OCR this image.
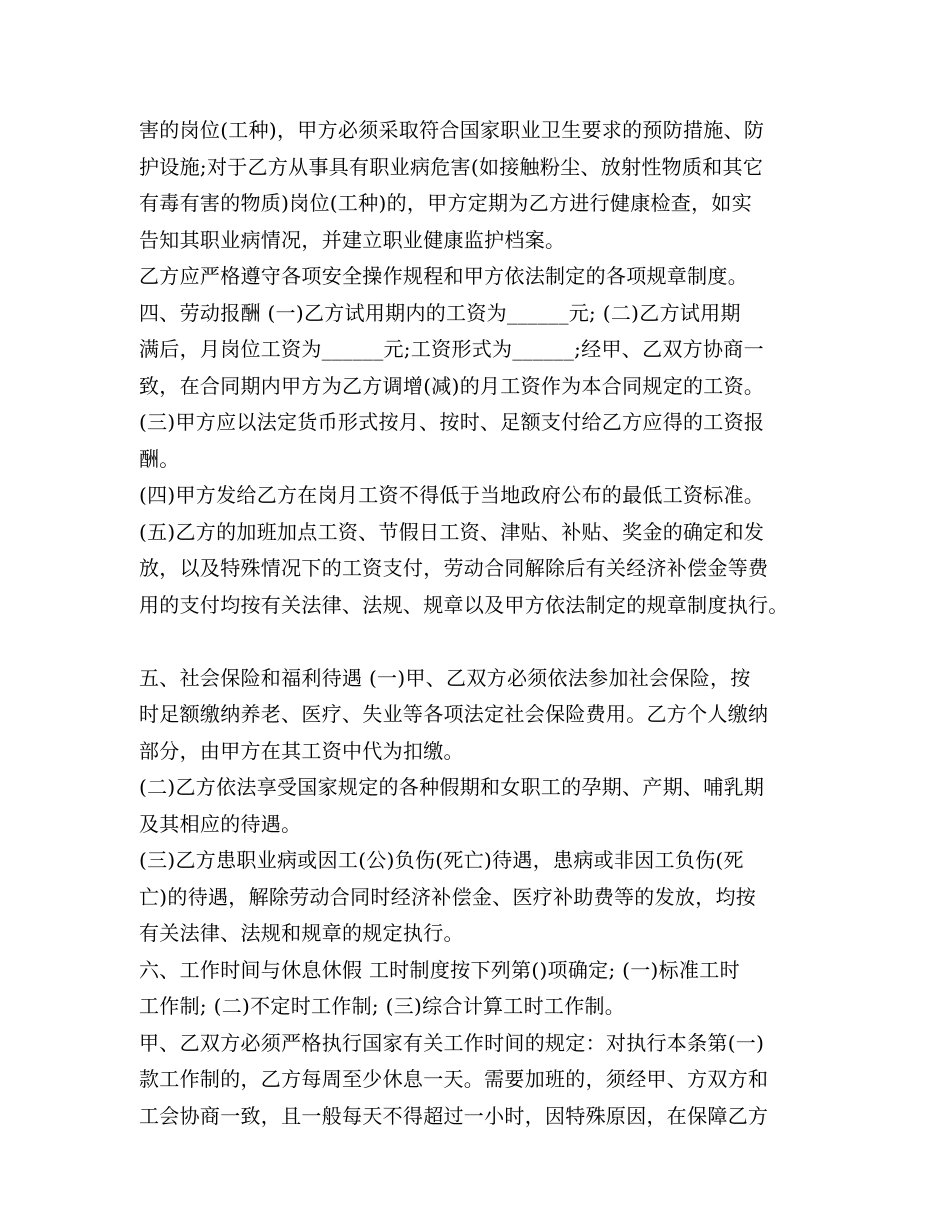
害的岗位(工种)，甲方必须采取符合国家职业卫生要求的预防措施、防
护设施;对于乙方从事具有职业病危害(如接触粉尘、放射性物质和其它
有毒有害的物质)岗位(工种)的，甲方定期为乙方进行健康检查，如实
告知其职业病情况，并建立职业健康监护档案。
乙方应严格遵守各项安全操作规程和甲方依法制定的各项规章制度。
四、劳动报酬 (一)乙方试用期内的工资为______元; (二)乙方试用期
满后，月岗位工资为______元;工资形式为______;经甲、乙双方协商一
致，在合同期内甲方为乙方调增(减)的月工资作为本合同规定的工资。
(三)甲方应以法定货币形式按月、按时、足额支付给乙方应得的工资报
酬。
(四)甲方发给乙方在岗月工资不得低于当地政府公布的最低工资标准。
(五)乙方的加班加点工资、节假日工资、津贴、补贴、奖金的确定和发
放，以及特殊情况下的工资支付，劳动合同解除后有关经济补偿金等费
用的支付均按有关法律、法规、规章以及甲方依法制定的规章制度执行。
五、社会保险和福利待遇 (一)甲、乙双方必须依法参加社会保险，按
时足额缴纳养老、医疗、失业等各项法定社会保险费用。乙方个人缴纳
部分，由甲方在其工资中代为扣缴。
(二)乙方依法享受国家规定的各种假期和女职工的孕期、产期、哺乳期
及其相应的待遇。
(三)乙方患职业病或因工(公)负伤(死亡)待遇，患病或非因工负伤(死
亡)的待遇，解除劳动合同时经济补偿金、医疗补助费等的发放，均按
有关法律、法规和规章的规定执行。
六、工作时间与休息休假 工时制度按下列第()项确定; (一)标准工时
工作制; (二)不定时工作制; (三)综合计算工时工作制。
甲、乙双方必须严格执行国家有关工作时间的规定：对执行本条第(一)
款工作制的，乙方每周至少休息一天。需要加班的，须经甲、方双方和
工会协商一致，且一般每天不得超过一小时，因特殊原因，在保障乙方
